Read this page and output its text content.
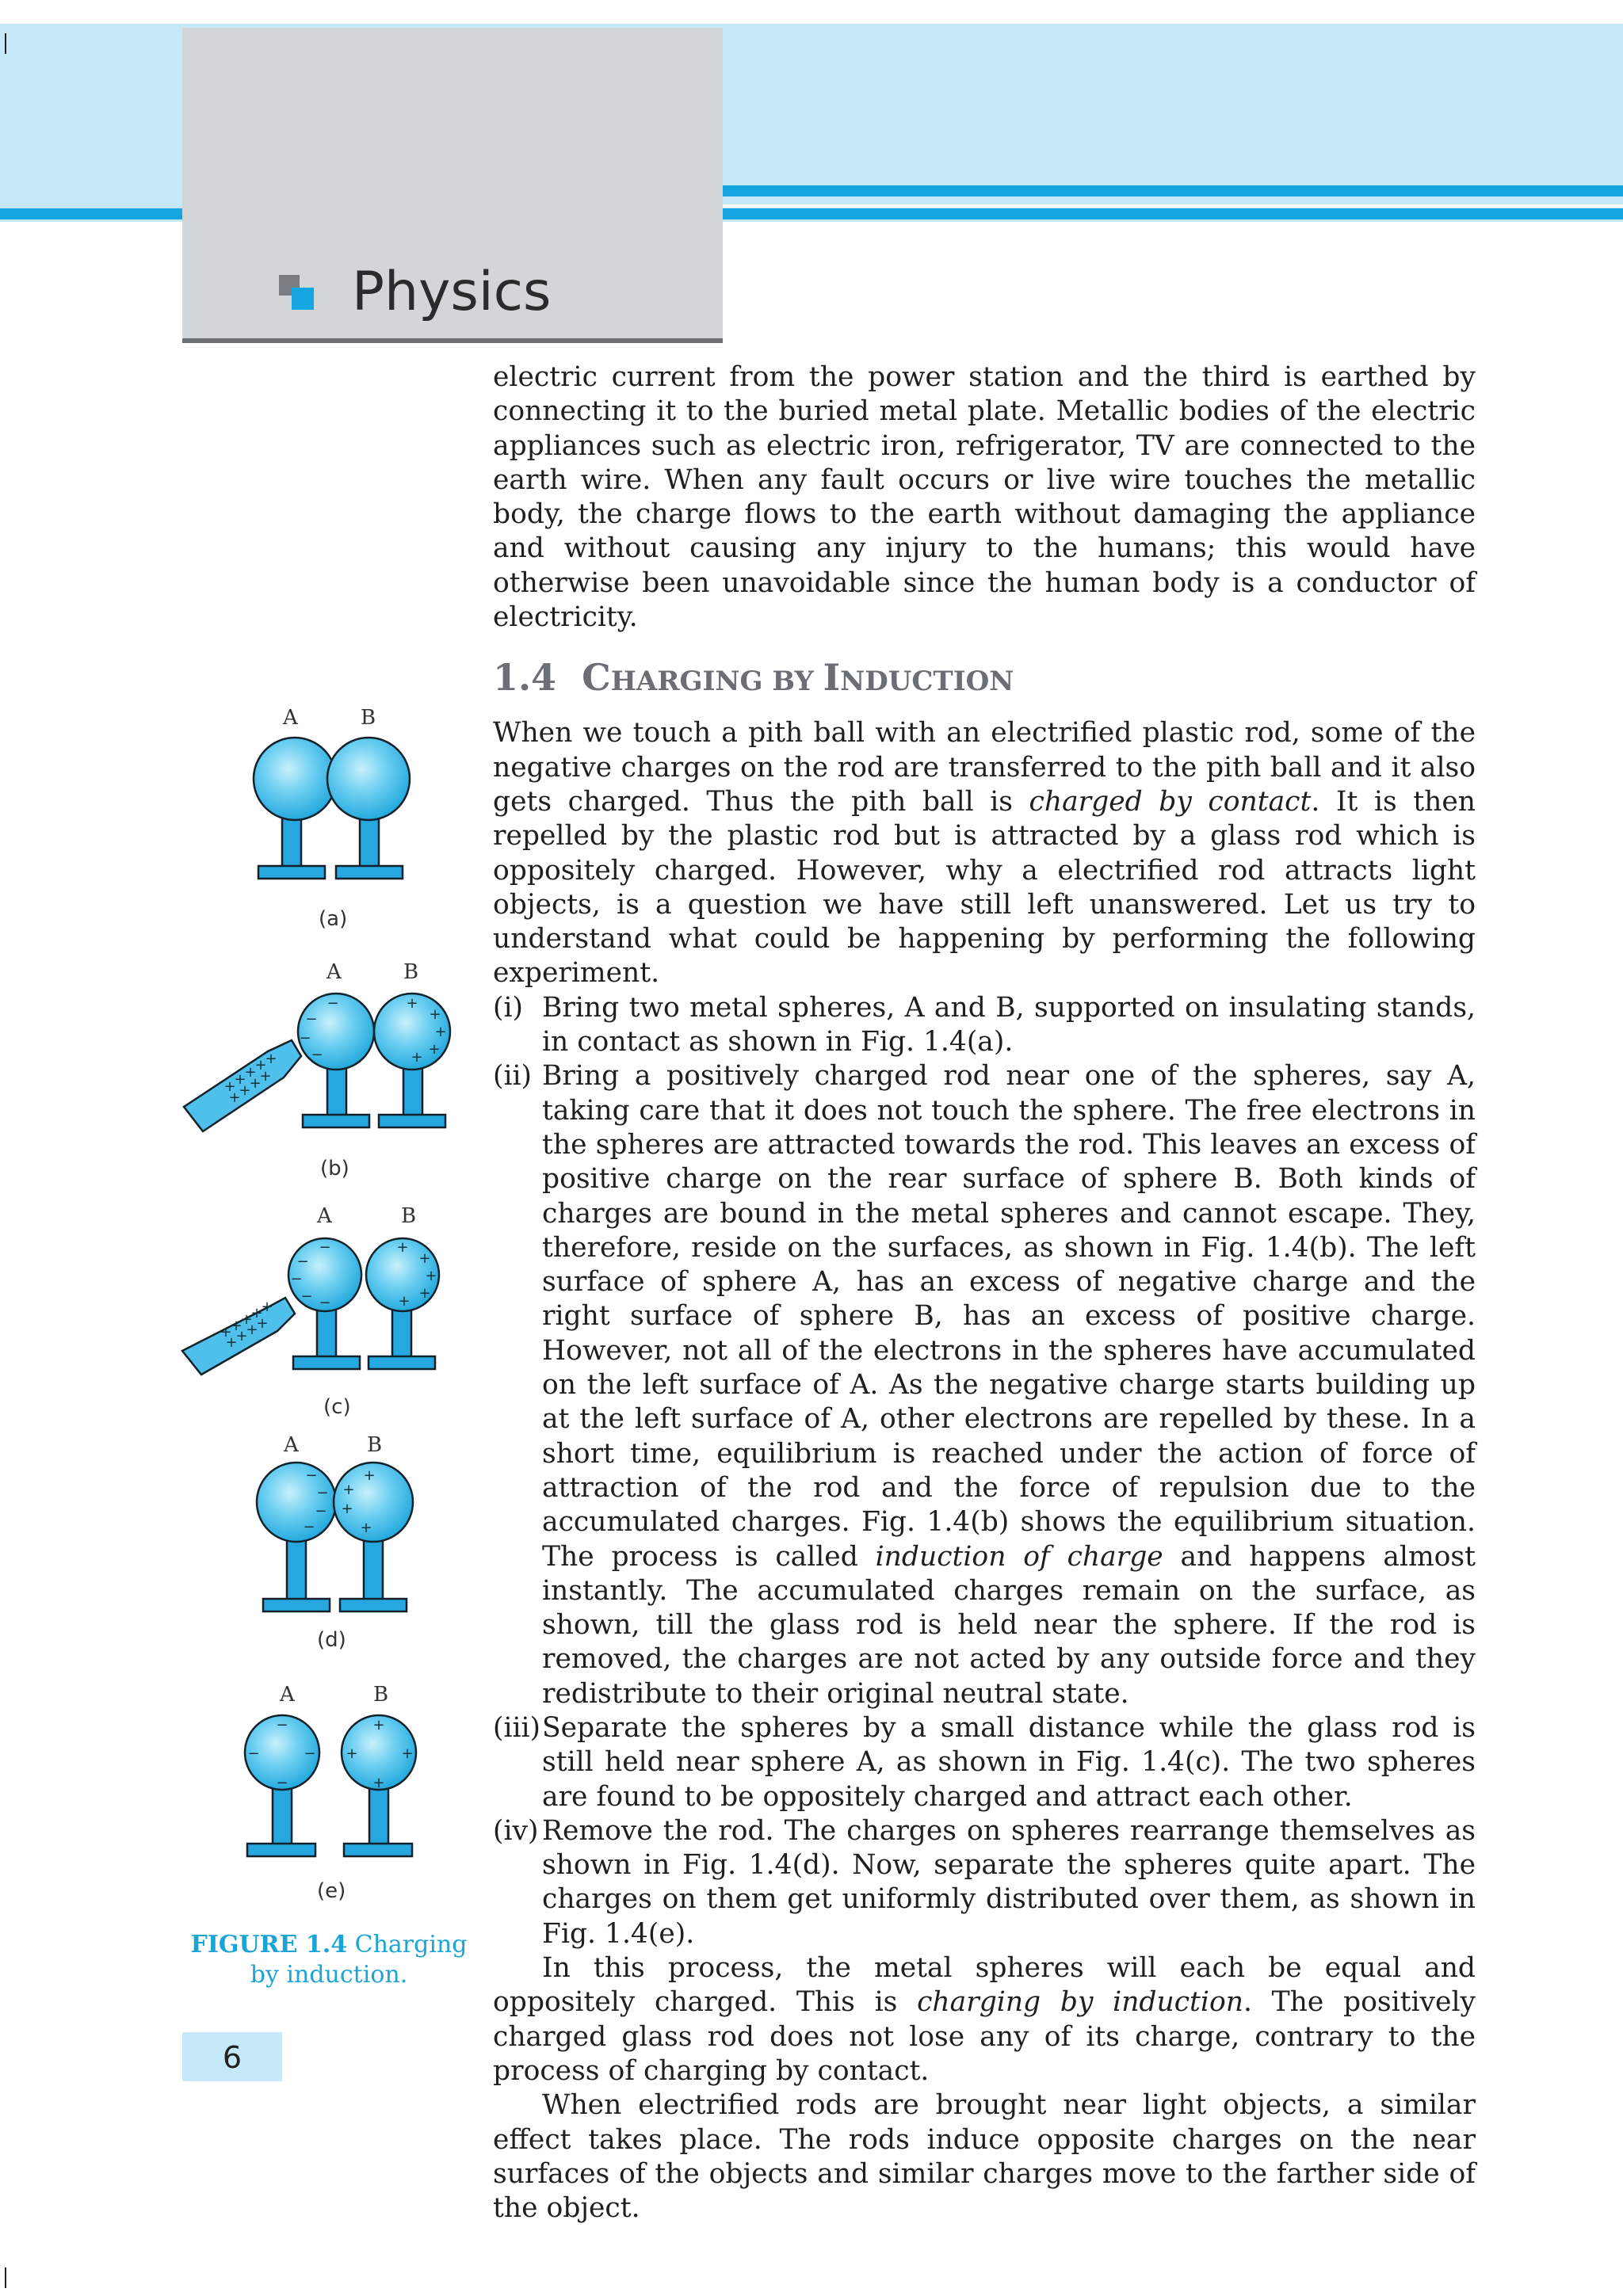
Physics

electric current from the power station and the third is earthed by connecting it to the buried metal plate. Metallic bodies of the electric appliances such as electric iron, refrigerator, TV are connected to the earth wire. When any fault occurs or live wire touches the metallic body, the charge flows to the earth without damaging the appliance and without causing any injury to the humans; this would have otherwise been unavoidable since the human body is a conductor of electricity.

1.4 CHARGING BY INDUCTION

When we touch a pith ball with an electrified plastic rod, some of the negative charges on the rod are transferred to the pith ball and it also gets charged. Thus the pith ball is charged by contact. It is then repelled by the plastic rod but is attracted by a glass rod which is oppositely charged. However, why a electrified rod attracts light objects, is a question we have still left unanswered. Let us try to understand what could be happening by performing the following experiment.

(i) Bring two metal spheres, A and B, supported on insulating stands, in contact as shown in Fig. 1.4(a).
(ii) Bring a positively charged rod near one of the spheres, say A, taking care that it does not touch the sphere. The free electrons in the spheres are attracted towards the rod. This leaves an excess of positive charge on the rear surface of sphere B. Both kinds of charges are bound in the metal spheres and cannot escape. They, therefore, reside on the surfaces, as shown in Fig. 1.4(b). The left surface of sphere A, has an excess of negative charge and the right surface of sphere B, has an excess of positive charge. However, not all of the electrons in the spheres have accumulated on the left surface of A. As the negative charge starts building up at the left surface of A, other electrons are repelled by these. In a short time, equilibrium is reached under the action of force of attraction of the rod and the force of repulsion due to the accumulated charges. Fig. 1.4(b) shows the equilibrium situation. The process is called induction of charge and happens almost instantly. The accumulated charges remain on the surface, as shown, till the glass rod is held near the sphere. If the rod is removed, the charges are not acted by any outside force and they redistribute to their original neutral state.
(iii) Separate the spheres by a small distance while the glass rod is still held near sphere A, as shown in Fig. 1.4(c). The two spheres are found to be oppositely charged and attract each other.
(iv) Remove the rod. The charges on spheres rearrange themselves as shown in Fig. 1.4(d). Now, separate the spheres quite apart. The charges on them get uniformly distributed over them, as shown in Fig. 1.4(e).

In this process, the metal spheres will each be equal and oppositely charged. This is charging by induction. The positively charged glass rod does not lose any of its charge, contrary to the process of charging by contact.

When electrified rods are brought near light objects, a similar effect takes place. The rods induce opposite charges on the near surfaces of the objects and similar charges move to the farther side of the object.

−
−
−
−
+
+
+
+
+
+
+
+
+
+
+
+
+
+
−
−
−
− −
+
+
+
+
+
+
+
+
+
+
+
+
+
+
−
−
−
−
+
+
+
+
−
−	−
−
+
+	+
+
A	B
(a)
A	B
(b)
A	B
(c)
A	B
(d)
A	B
(e)
FIGURE 1.4 Charging by induction.
6
